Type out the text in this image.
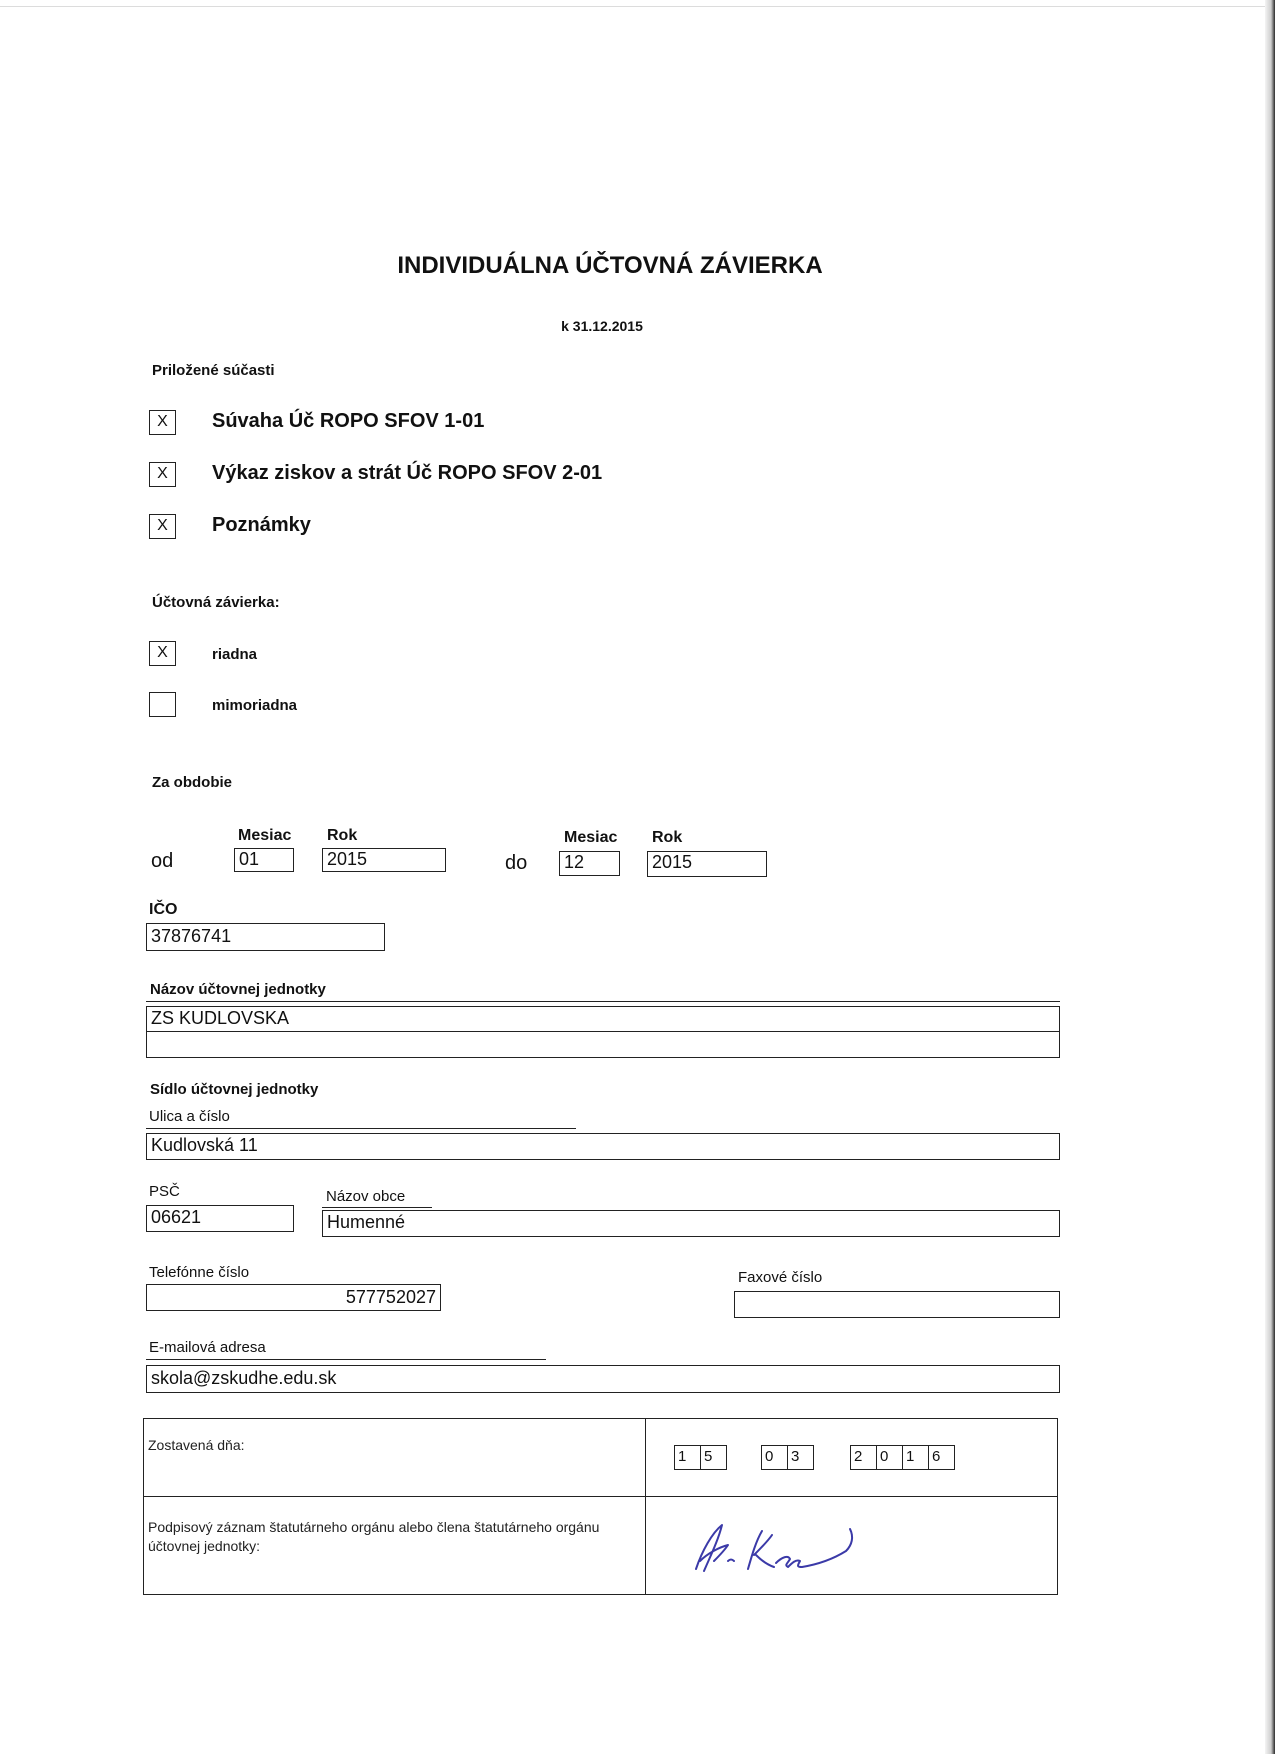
INDIVIDUÁLNA ÚČTOVNÁ ZÁVIERKA
k 31.12.2015
Priložené súčasti
X	Súvaha Úč ROPO SFOV 1-01
X	Výkaz ziskov a strát Úč ROPO SFOV 2-01
X	Poznámky
Účtovná závierka:
X	riadna
mimoriadna
Za obdobie
Mesiac Rok
od	01	2015
Mesiac Rok
do 12	2015
IČO
37876741
Názov účtovnej jednotky
ZS KUDLOVSKA
Sídlo účtovnej jednotky
Ulica a číslo
Kudlovská 11
PSČ
06621
Názov obce
Humenné
Telefónne číslo
577752027
Faxové číslo
E-mailová adresa
skola@zskudhe.edu.sk
Zostavená dňa:
1	5	0	3	2	0	1	6
Podpisový záznam štatutárneho orgánu alebo člena štatutárneho orgánu účtovnej jednotky:
